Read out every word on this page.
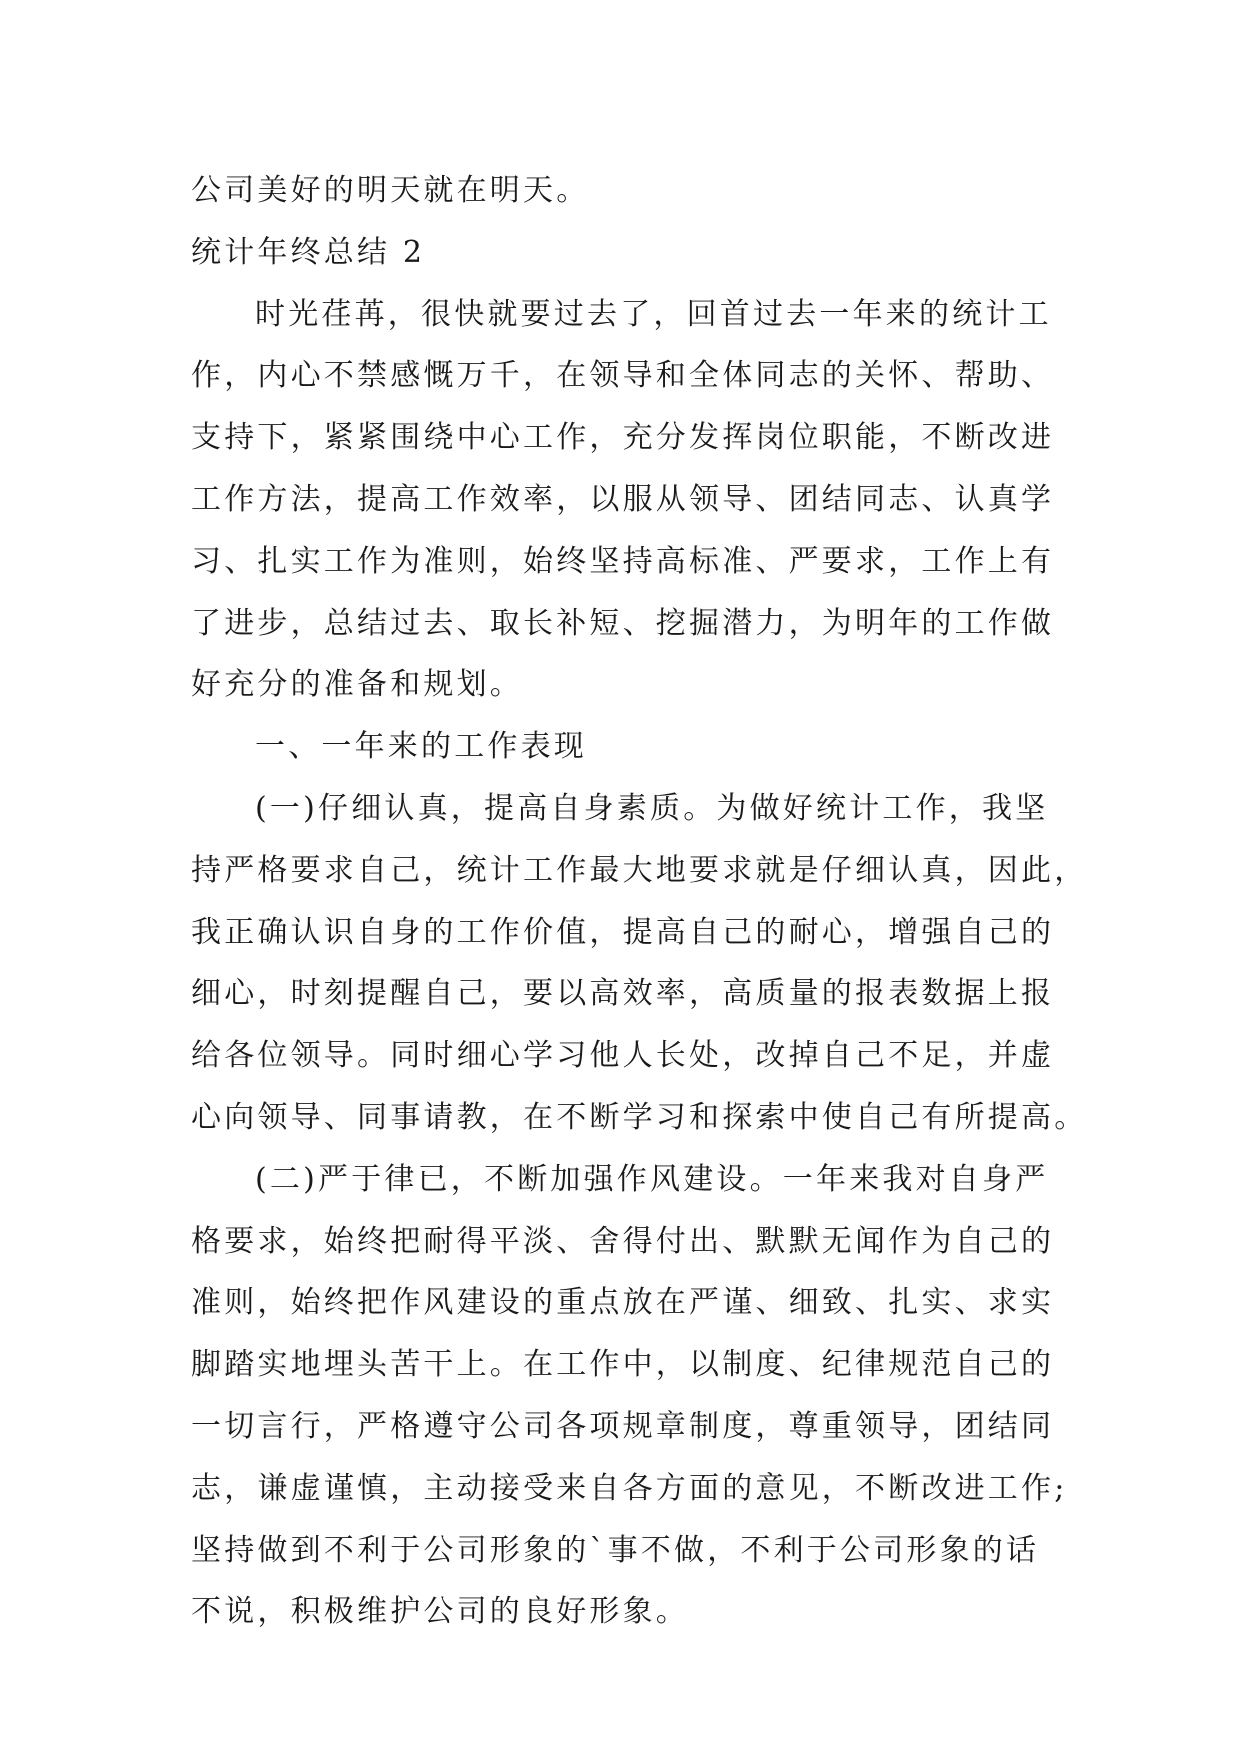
公司美好的明天就在明天。
统计年终总结 2
时光荏苒，很快就要过去了，回首过去一年来的统计工
作，内心不禁感慨万千，在领导和全体同志的关怀、帮助、
支持下，紧紧围绕中心工作，充分发挥岗位职能，不断改进
工作方法，提高工作效率，以服从领导、团结同志、认真学
习、扎实工作为准则，始终坚持高标准、严要求，工作上有
了进步，总结过去、取长补短、挖掘潜力，为明年的工作做
好充分的准备和规划。
一、一年来的工作表现
(一)仔细认真，提高自身素质。为做好统计工作，我坚
持严格要求自己，统计工作最大地要求就是仔细认真，因此，
我正确认识自身的工作价值，提高自己的耐心，增强自己的
细心，时刻提醒自己，要以高效率，高质量的报表数据上报
给各位领导。同时细心学习他人长处，改掉自己不足，并虚
心向领导、同事请教，在不断学习和探索中使自己有所提高。
(二)严于律已，不断加强作风建设。一年来我对自身严
格要求，始终把耐得平淡、舍得付出、默默无闻作为自己的
准则，始终把作风建设的重点放在严谨、细致、扎实、求实
脚踏实地埋头苦干上。在工作中，以制度、纪律规范自己的
一切言行，严格遵守公司各项规章制度，尊重领导，团结同
志，谦虚谨慎，主动接受来自各方面的意见，不断改进工作;
坚持做到不利于公司形象的`事不做，不利于公司形象的话
不说，积极维护公司的良好形象。
